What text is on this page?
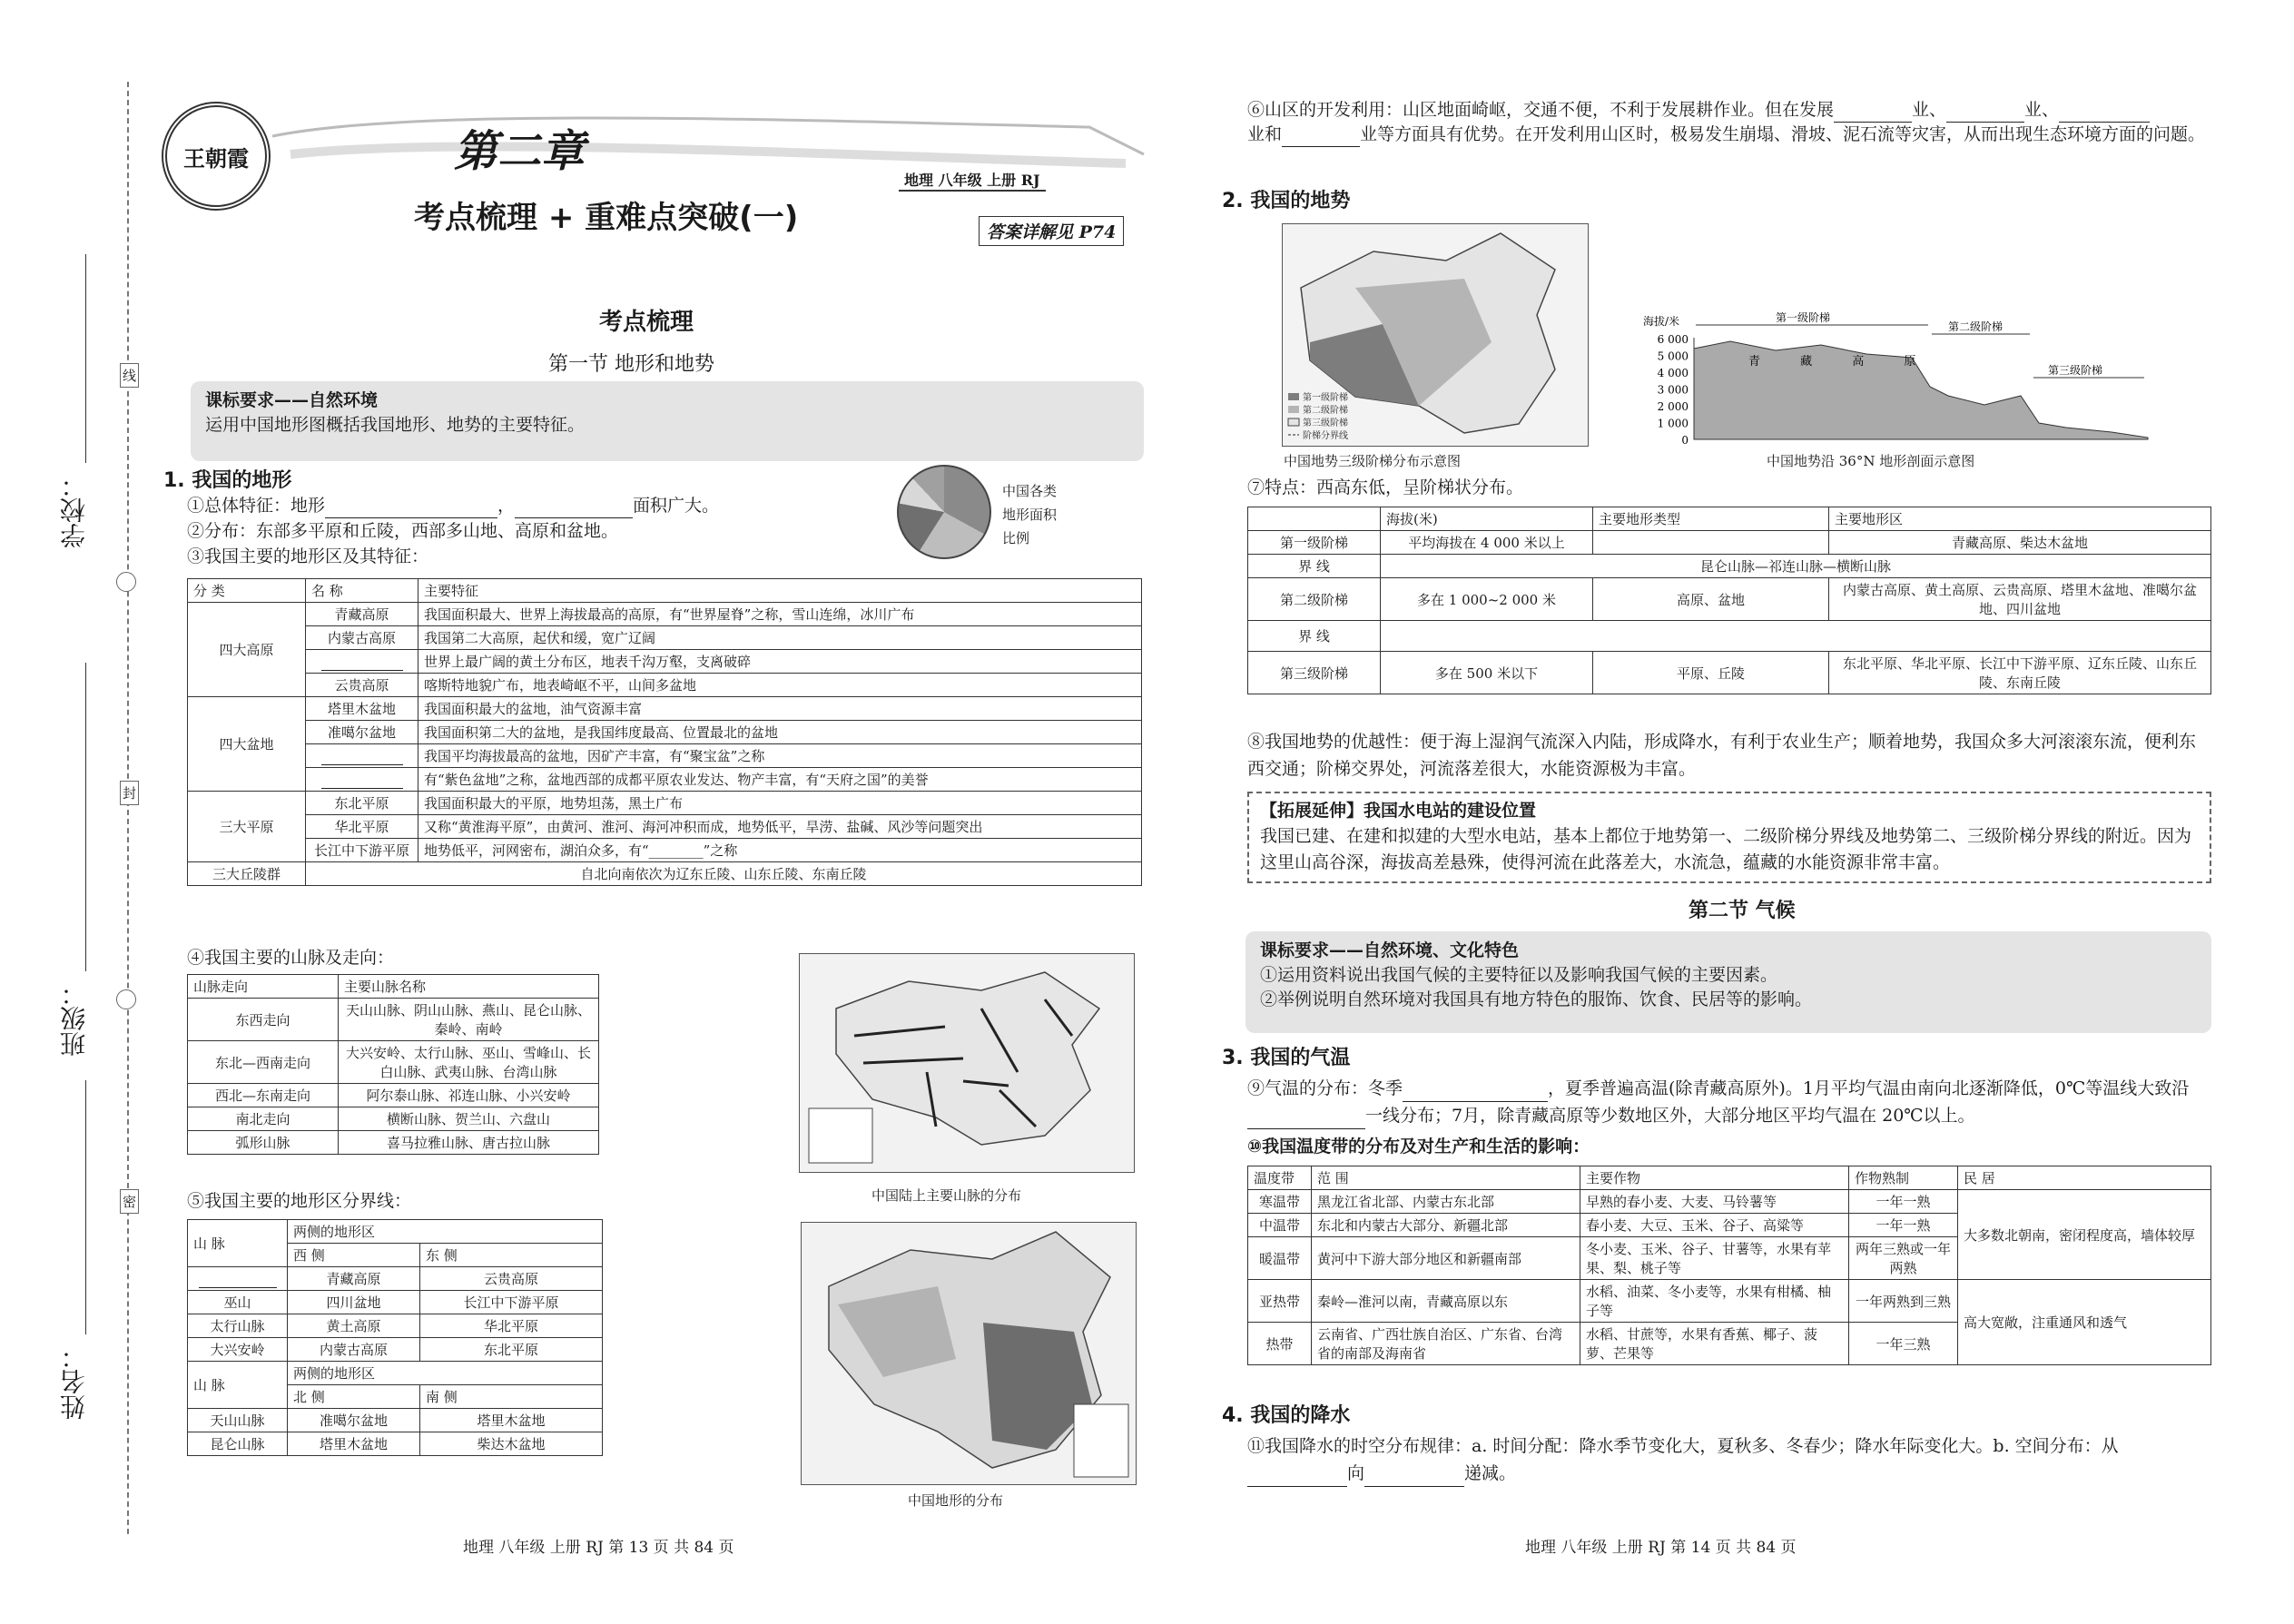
学校：
班级：
姓名：
线
封
密
王朝霞	第二章
考点梳理 + 重难点突破(一)
地理 八年级 上册 RJ
答案详解见 P74
考点梳理
第一节 地形和地势
课标要求——自然环境
运用中国地形图概括我国地形、地势的主要特征。
1. 我国的地形
①总体特征：地形	，	面积广大。
②分布：东部多平原和丘陵，西部多山地、高原和盆地。
③我国主要的地形区及其特征：
中国各类地形面积比例
分 类	名 称	主要特征
四大高原	青藏高原	我国面积最大、世界上海拔最高的高原，有“世界屋脊”之称，雪山连绵，冰川广布
	内蒙古高原	我国第二大高原，起伏和缓，宽广辽阔
		世界上最广阔的黄土分布区，地表千沟万壑，支离破碎
	云贵高原	喀斯特地貌广布，地表崎岖不平，山间多盆地
四大盆地	塔里木盆地	我国面积最大的盆地，油气资源丰富
	准噶尔盆地	我国面积第二大的盆地，是我国纬度最高、位置最北的盆地
		我国平均海拔最高的盆地，因矿产丰富，有“聚宝盆”之称
		有“紫色盆地”之称，盆地西部的成都平原农业发达、物产丰富，有“天府之国”的美誉
三大平原	东北平原	我国面积最大的平原，地势坦荡，黑土广布
	华北平原	又称“黄淮海平原”，由黄河、淮河、海河冲积而成，地势低平，旱涝、盐碱、风沙等问题突出
	长江中下游平原	地势低平，河网密布，湖泊众多，有“________”之称
三大丘陵群	自北向南依次为辽东丘陵、山东丘陵、东南丘陵	
④我国主要的山脉及走向：
山脉走向	主要山脉名称
东西走向	天山山脉、阴山山脉、燕山、昆仑山脉、秦岭、南岭
东北—西南走向	大兴安岭、太行山脉、巫山、雪峰山、长白山脉、武夷山脉、台湾山脉
西北—东南走向	阿尔泰山脉、祁连山脉、小兴安岭
南北走向	横断山脉、贺兰山、六盘山
弧形山脉	喜马拉雅山脉、唐古拉山脉
中国陆上主要山脉的分布
⑤我国主要的地形区分界线：
山 脉	两侧的地形区	
	西 侧	东 侧
	青藏高原	云贵高原
巫山	四川盆地	长江中下游平原
太行山脉	黄土高原	华北平原
大兴安岭	内蒙古高原	东北平原
山 脉	两侧的地形区	
	北 侧	南 侧
天山山脉	准噶尔盆地	塔里木盆地
昆仑山脉	塔里木盆地	柴达木盆地
中国地形的分布
地理 八年级 上册 RJ 第 13 页 共 84 页
⑥山区的开发利用：山区地面崎岖，交通不便，不利于发展耕作业。但在发展	业、	业、
业和	业等方面具有优势。在开发利用山区时，极易发生崩塌、滑坡、泥石流等灾害，从而出现生态环境方面的问题。
2. 我国的地势
第一级阶梯
第二级阶梯
第三级阶梯
阶梯分界线
中国地势三级阶梯分布示意图
海拔/米
6 000
5 000
4 000
3 000
2 000
1 000
0
第一级阶梯
第二级阶梯
第三级阶梯
青 藏 高 原
中国地势沿 36°N 地形剖面示意图
⑦特点：西高东低，呈阶梯状分布。
	海拔(米)	主要地形类型	主要地形区
第一级阶梯	平均海拔在 4 000 米以上		青藏高原、柴达木盆地
界 线	昆仑山脉—祁连山脉—横断山脉		
第二级阶梯	多在 1 000~2 000 米	高原、盆地	内蒙古高原、黄土高原、云贵高原、塔里木盆地、准噶尔盆地、四川盆地
界 线			
第三级阶梯	多在 500 米以下	平原、丘陵	东北平原、华北平原、长江中下游平原、辽东丘陵、山东丘陵、东南丘陵
⑧我国地势的优越性：便于海上湿润气流深入内陆，形成降水，有利于农业生产；顺着地势，我国众多大河滚滚东流，便利东西交通；阶梯交界处，河流落差很大，水能资源极为丰富。
【拓展延伸】我国水电站的建设位置
我国已建、在建和拟建的大型水电站，基本上都位于地势第一、二级阶梯分界线及地势第二、三级阶梯分界线的附近。因为这里山高谷深，海拔高差悬殊，使得河流在此落差大，水流急，蕴藏的水能资源非常丰富。
第二节 气候
课标要求——自然环境、文化特色
①运用资料说出我国气候的主要特征以及影响我国气候的主要因素。
②举例说明自然环境对我国具有地方特色的服饰、饮食、民居等的影响。
3. 我国的气温
⑨气温的分布：冬季	，夏季普遍高温(除青藏高原外)。1月平均气温由南向北逐渐降低，0℃等温线大致沿一线分布；7月，除青藏高原等少数地区外，大部分地区平均气温在 20℃以上。
⑩我国温度带的分布及对生产和生活的影响：
温度带	范 围	主要作物	作物熟制	民 居
寒温带	黑龙江省北部、内蒙古东北部	早熟的春小麦、大麦、马铃薯等	一年一熟	大多数北朝南，密闭程度高，墙体较厚
中温带	东北和内蒙古大部分、新疆北部	春小麦、大豆、玉米、谷子、高粱等	一年一熟	
暖温带	黄河中下游大部分地区和新疆南部	冬小麦、玉米、谷子、甘薯等，水果有苹果、梨、桃子等	两年三熟或一年两熟	
亚热带	秦岭—淮河以南，青藏高原以东	水稻、油菜、冬小麦等，水果有柑橘、柚子等	一年两熟到三熟	高大宽敞，注重通风和透气
热带	云南省、广西壮族自治区、广东省、台湾省的南部及海南省	水稻、甘蔗等，水果有香蕉、椰子、菠萝、芒果等	一年三熟	
4. 我国的降水
⑪我国降水的时空分布规律：a. 时间分配：降水季节变化大，夏秋多、冬春少；降水年际变化大。b. 空间分布：从向	递减。
地理 八年级 上册 RJ 第 14 页 共 84 页
